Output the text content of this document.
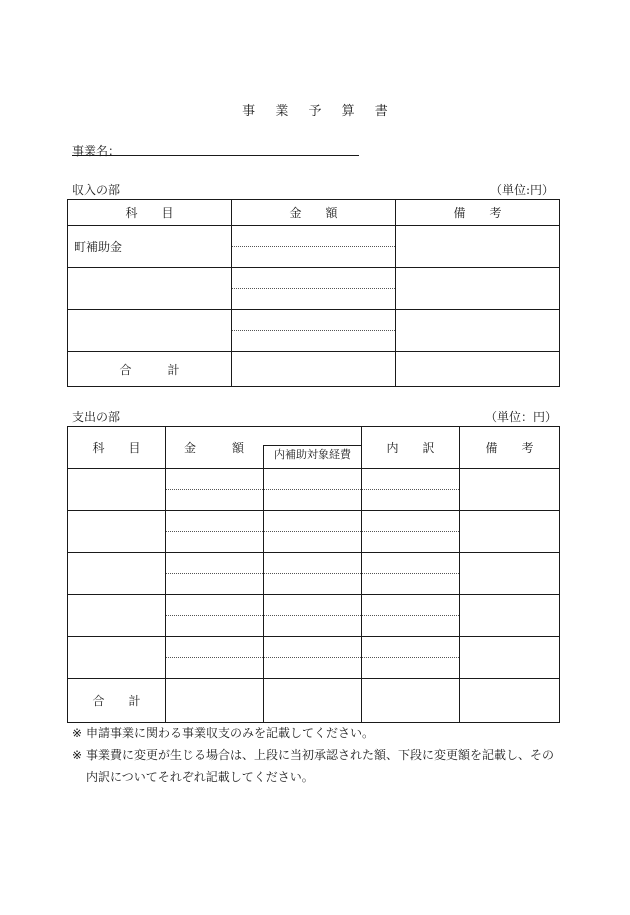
事 業 予 算 書
事業名：
収入の部	（単位:円）
科　　目	金　　額	備　　考
町補助金	

合　　　計		
支出の部	（単位：円）
科　　目	金　　　額		内　　訳	備　　考
		内補助対象経費		

合　　計				
※ 申請事業に関わる事業収支のみを記載してください。
※ 事業費に変更が生じる場合は、上段に当初承認された額、下段に変更額を記載し、その内訳についてそれぞれ記載してください。
